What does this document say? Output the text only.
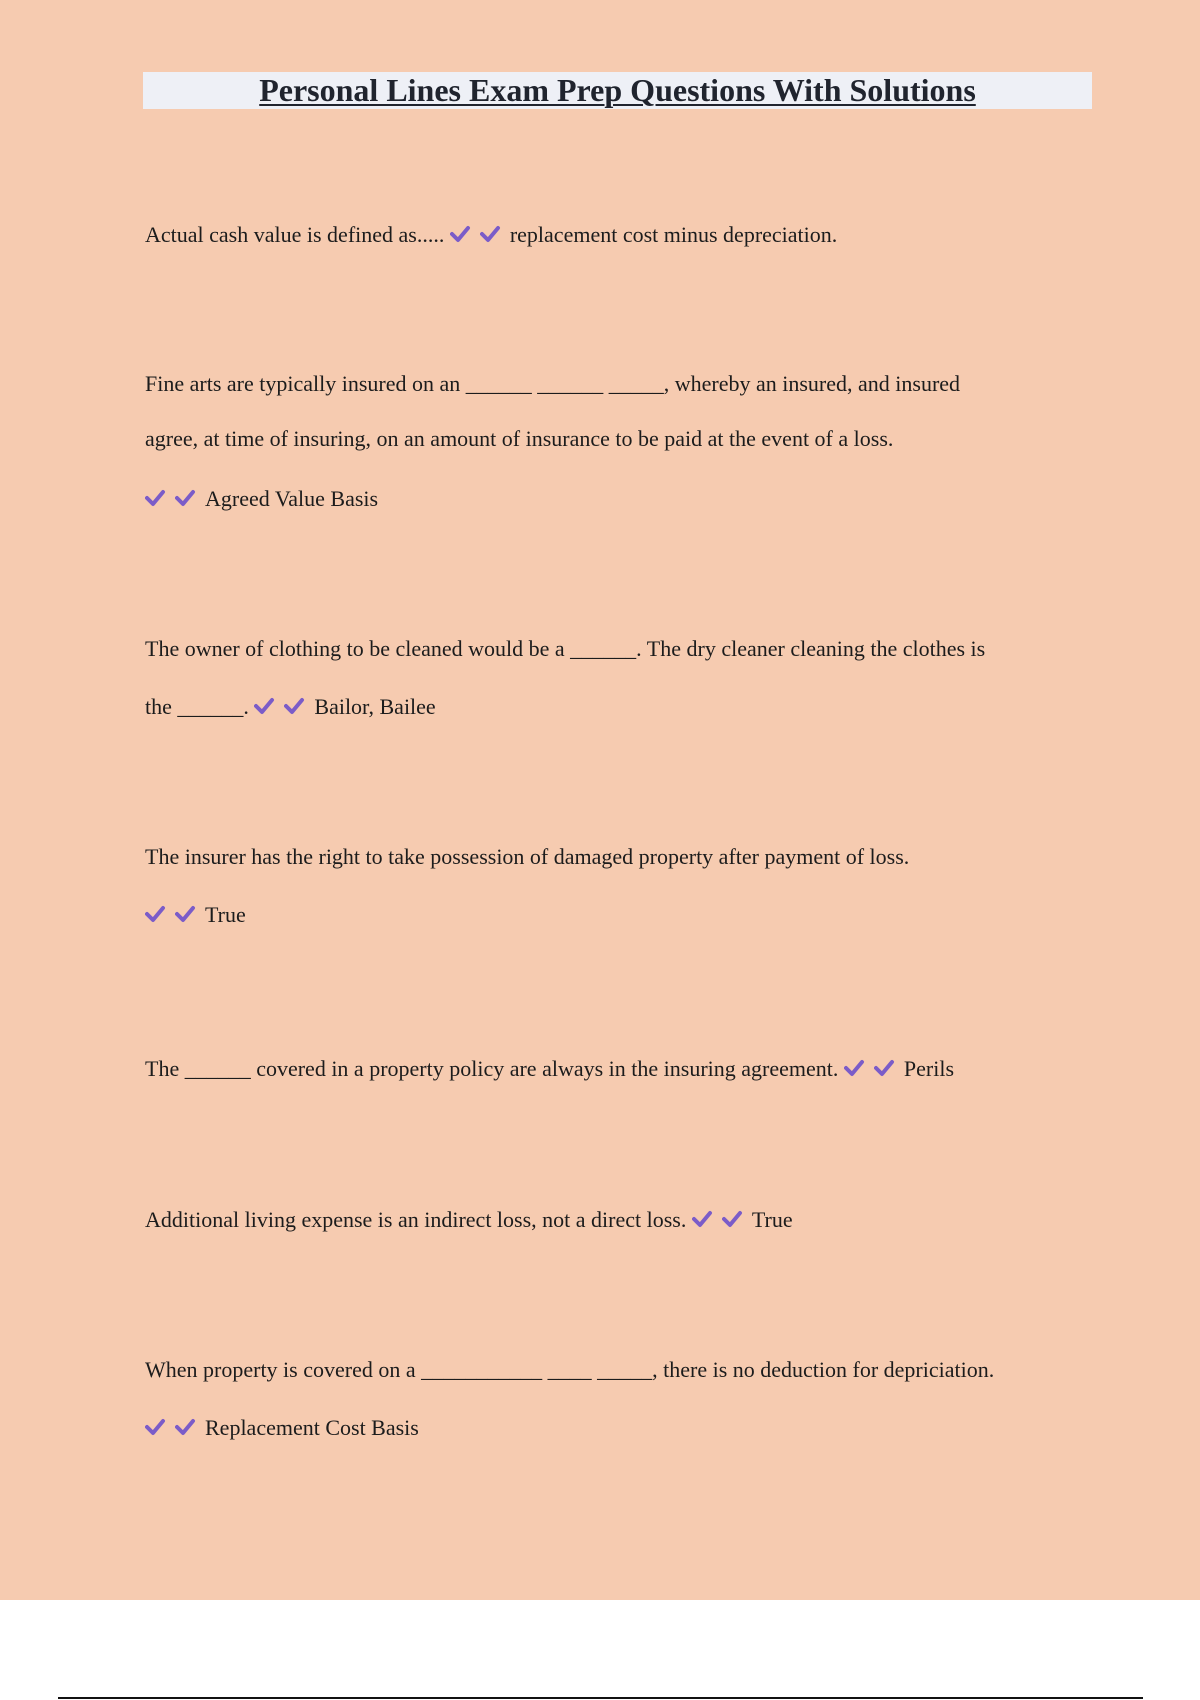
Personal Lines Exam Prep Questions With Solutions
Actual cash value is defined as.....	replacement cost minus depreciation.
Fine arts are typically insured on an ______ ______ _____, whereby an insured, and insured
agree, at time of insuring, on an amount of insurance to be paid at the event of a loss.
Agreed Value Basis
The owner of clothing to be cleaned would be a ______. The dry cleaner cleaning the clothes is
the ______.	Bailor, Bailee
The insurer has the right to take possession of damaged property after payment of loss.
True
The ______ covered in a property policy are always in the insuring agreement.	Perils
Additional living expense is an indirect loss, not a direct loss.	True
When property is covered on a ___________ ____ _____, there is no deduction for depriciation.
Replacement Cost Basis
